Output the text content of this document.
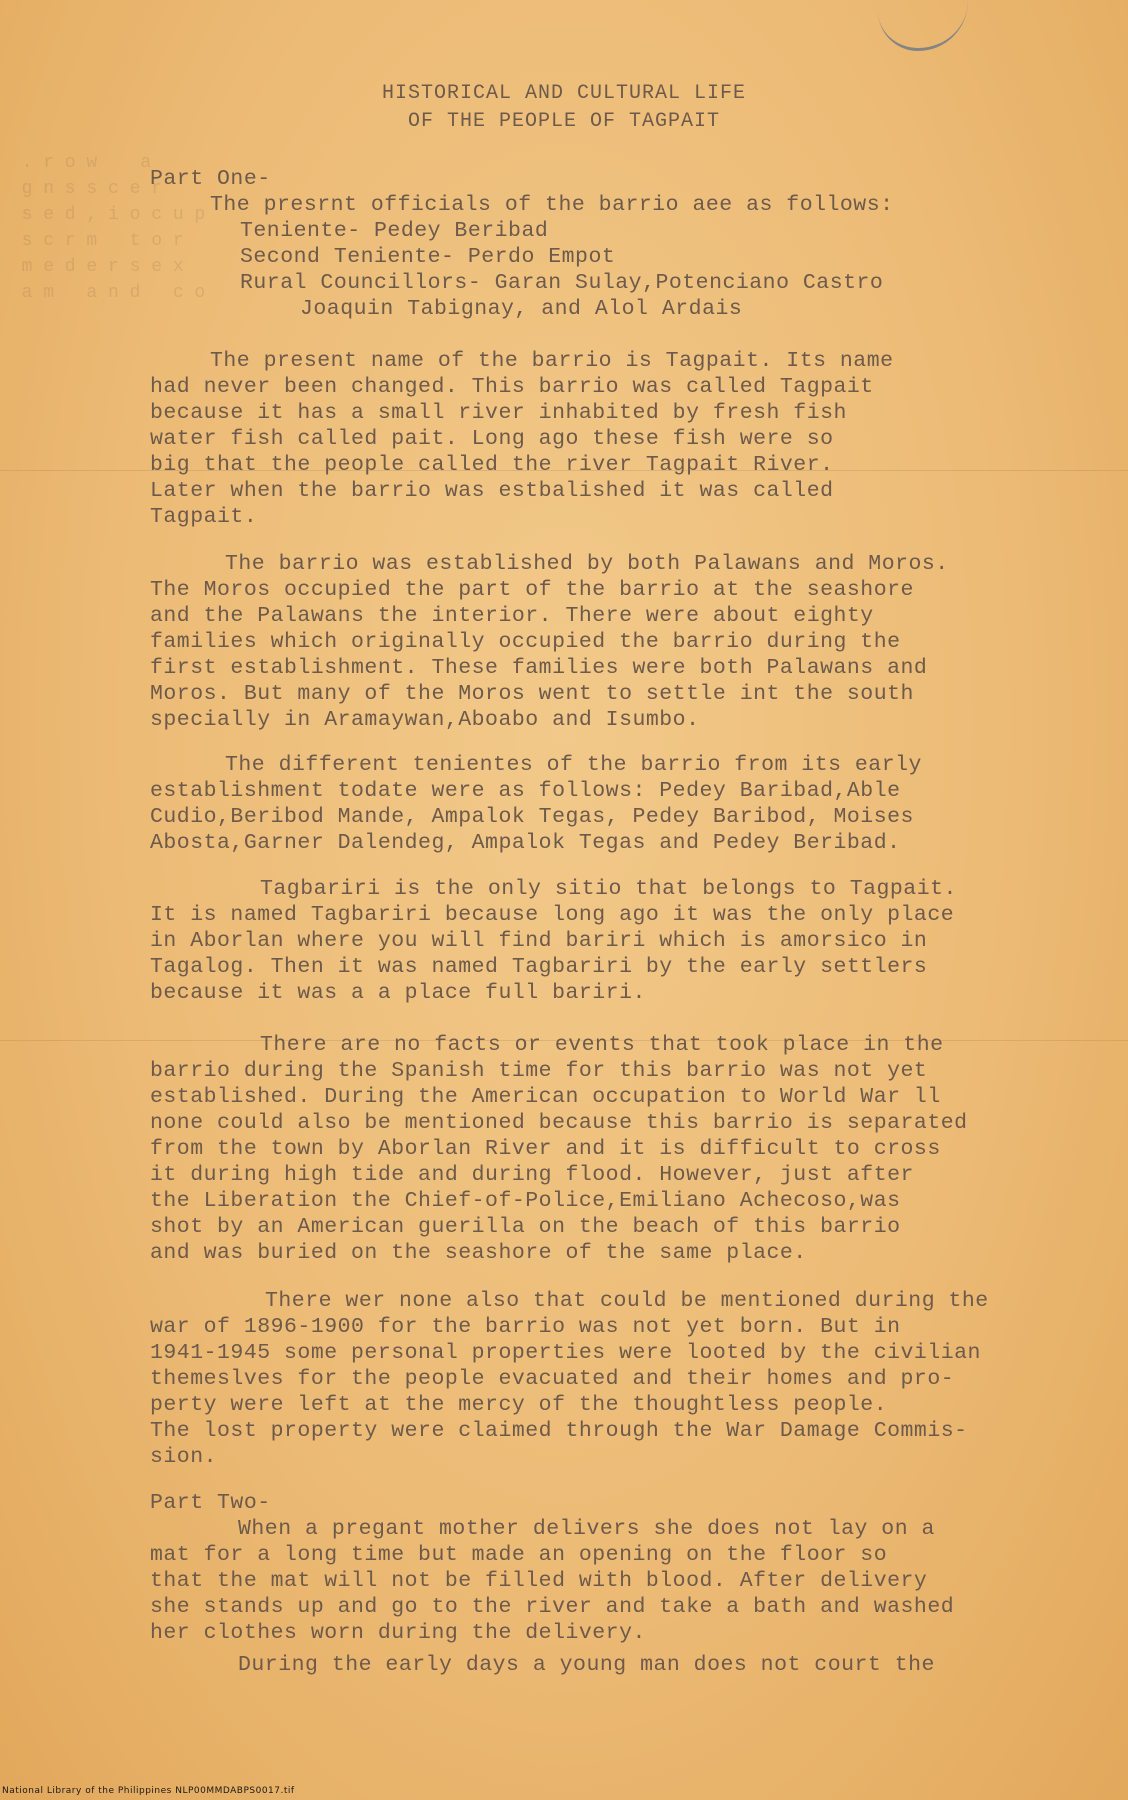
. r o w    a
g n s s c e r
s e d , i o c u p
s c r m   t o r
m e d e r s e x
a m   a n d   c o
HISTORICAL AND CULTURAL LIFE
OF THE PEOPLE OF TAGPAIT
Part One-
The presrnt officials of the barrio aee as follows:
Teniente- Pedey Beribad
Second Teniente- Perdo Empot
Rural Councillors- Garan Sulay,Potenciano Castro
Joaquin Tabignay, and Alol Ardais
The present name of the barrio is Tagpait. Its name
had never been changed. This barrio was called Tagpait
because it has a small river inhabited by fresh fish
water fish called pait. Long ago these fish were so
big that the people called the river Tagpait River.
Later when the barrio was estbalished it was called
Tagpait.
The barrio was established by both Palawans and Moros.
The Moros occupied the part of the barrio at the seashore
and the Palawans the interior. There were about eighty
families which originally occupied the barrio during the
first establishment. These families were both Palawans and
Moros. But many of the Moros went to settle int the south
specially in Aramaywan,Aboabo and Isumbo.
The different tenientes of the barrio from its early
establishment todate were as follows: Pedey Baribad,Able
Cudio,Beribod Mande, Ampalok Tegas, Pedey Baribod, Moises
Abosta,Garner Dalendeg, Ampalok Tegas and Pedey Beribad.
Tagbariri is the only sitio that belongs to Tagpait.
It is named Tagbariri because long ago it was the only place
in Aborlan where you will find bariri which is amorsico in
Tagalog. Then it was named Tagbariri by the early settlers
because it was a a place full bariri.
There are no facts or events that took place in the
barrio during the Spanish time for this barrio was not yet
established. During the American occupation to World War ll
none could also be mentioned because this barrio is separated
from the town by Aborlan River and it is difficult to cross
it during high tide and during flood. However, just after
the Liberation the Chief-of-Police,Emiliano Achecoso,was
shot by an American guerilla on the beach of this barrio
and was buried on the seashore of the same place.
There wer none also that could be mentioned during the
war of 1896-1900 for the barrio was not yet born. But in
1941-1945 some personal properties were looted by the civilian
themeslves for the people evacuated and their homes and pro-
perty were left at the mercy of the thoughtless people.
The lost property were claimed through the War Damage Commis-
sion.
Part Two-
When a pregant mother delivers she does not lay on a
mat for a long time but made an opening on the floor so
that the mat will not be filled with blood. After delivery
she stands up and go to the river and take a bath and washed
her clothes worn during the delivery.
During the early days a young man does not court the
National Library of the Philippines NLP00MMDABPS0017.tif
